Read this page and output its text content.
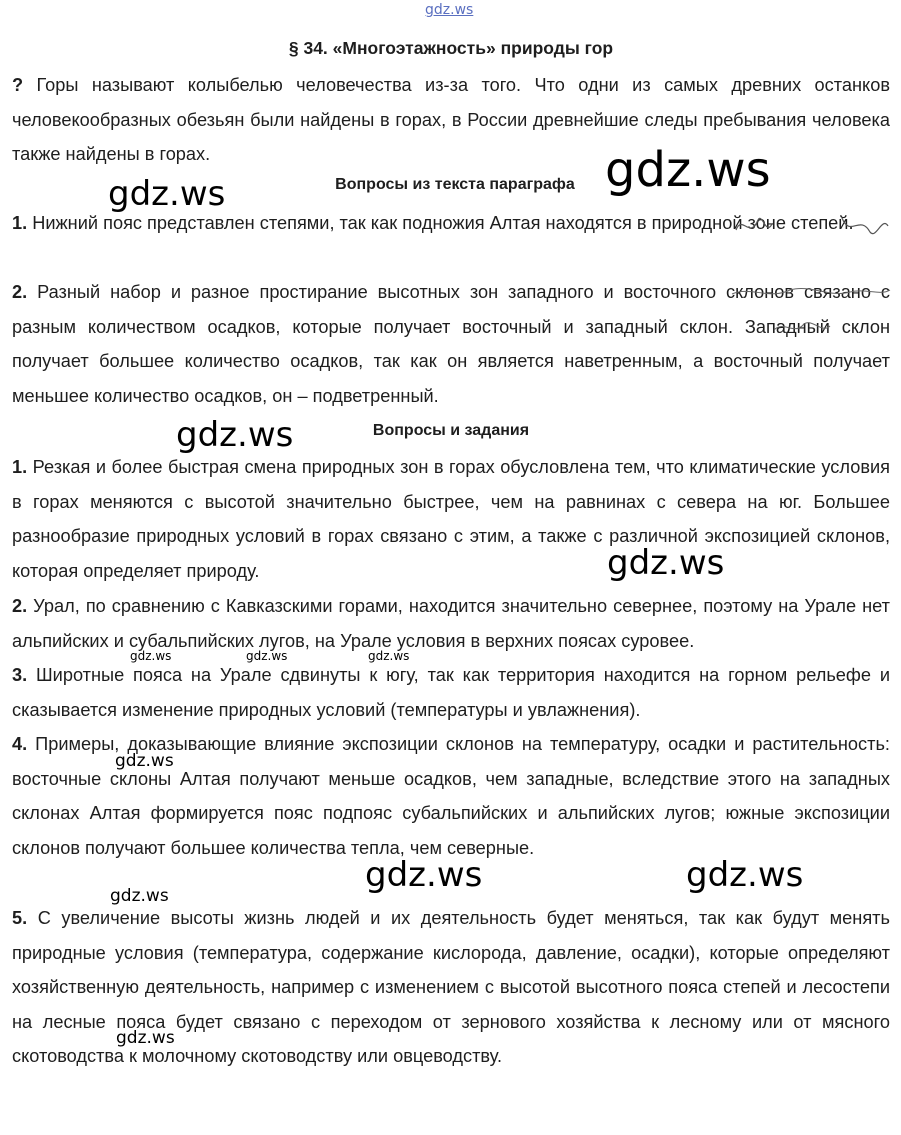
gdz.ws
§ 34. «Многоэтажность» природы гор
? Горы называют колыбелью человечества из-за того. Что одни из самых древних останков человекообразных обезьян были найдены в горах, в России древнейшие следы пребывания человека также найдены в горах.
Вопросы из текста параграфа
1. Нижний пояс представлен степями, так как подножия Алтая находятся в природной зоне степей.
2. Разный набор и разное простирание высотных зон западного и восточного склонов связано с разным количеством осадков, которые получает восточный и западный склон. Западный склон получает большее количество осадков, так как он является наветренным, а восточный получает меньшее количество осадков, он – подветренный.
Вопросы и задания
1. Резкая и более быстрая смена природных зон в горах обусловлена тем, что климатические условия в горах меняются с высотой значительно быстрее, чем на равнинах с севера на юг. Большее разнообразие природных условий в горах связано с этим, а также с различной экспозицией склонов, которая определяет природу.
2. Урал, по сравнению с Кавказскими горами, находится значительно севернее, поэтому на Урале нет альпийских и субальпийских лугов, на Урале условия в верхних поясах суровее.
3. Широтные пояса на Урале сдвинуты к югу, так как территория находится на горном рельефе и сказывается изменение природных условий (температуры и увлажнения).
4. Примеры, доказывающие влияние экспозиции склонов на температуру, осадки и растительность: восточные склоны Алтая получают меньше осадков, чем западные, вследствие этого на западных склонах Алтая формируется пояс подпояс субальпийских и альпийских лугов; южные экспозиции склонов получают большее количества тепла, чем северные.
5. С увеличение высоты жизнь людей и их деятельность будет меняться, так как будут менять природные условия (температура, содержание кислорода, давление, осадки), которые определяют хозяйственную деятельность, например с изменением с высотой высотного пояса степей и лесостепи на лесные пояса будет связано с переходом от зернового хозяйства к лесному или от мясного скотоводства к молочному скотоводству или овцеводству.
gdz.ws
gdz.ws
gdz.ws
gdz.ws
gdz.ws	gdz.ws	gdz.ws
gdz.ws
gdz.ws	gdz.ws
gdz.ws
gdz.ws
